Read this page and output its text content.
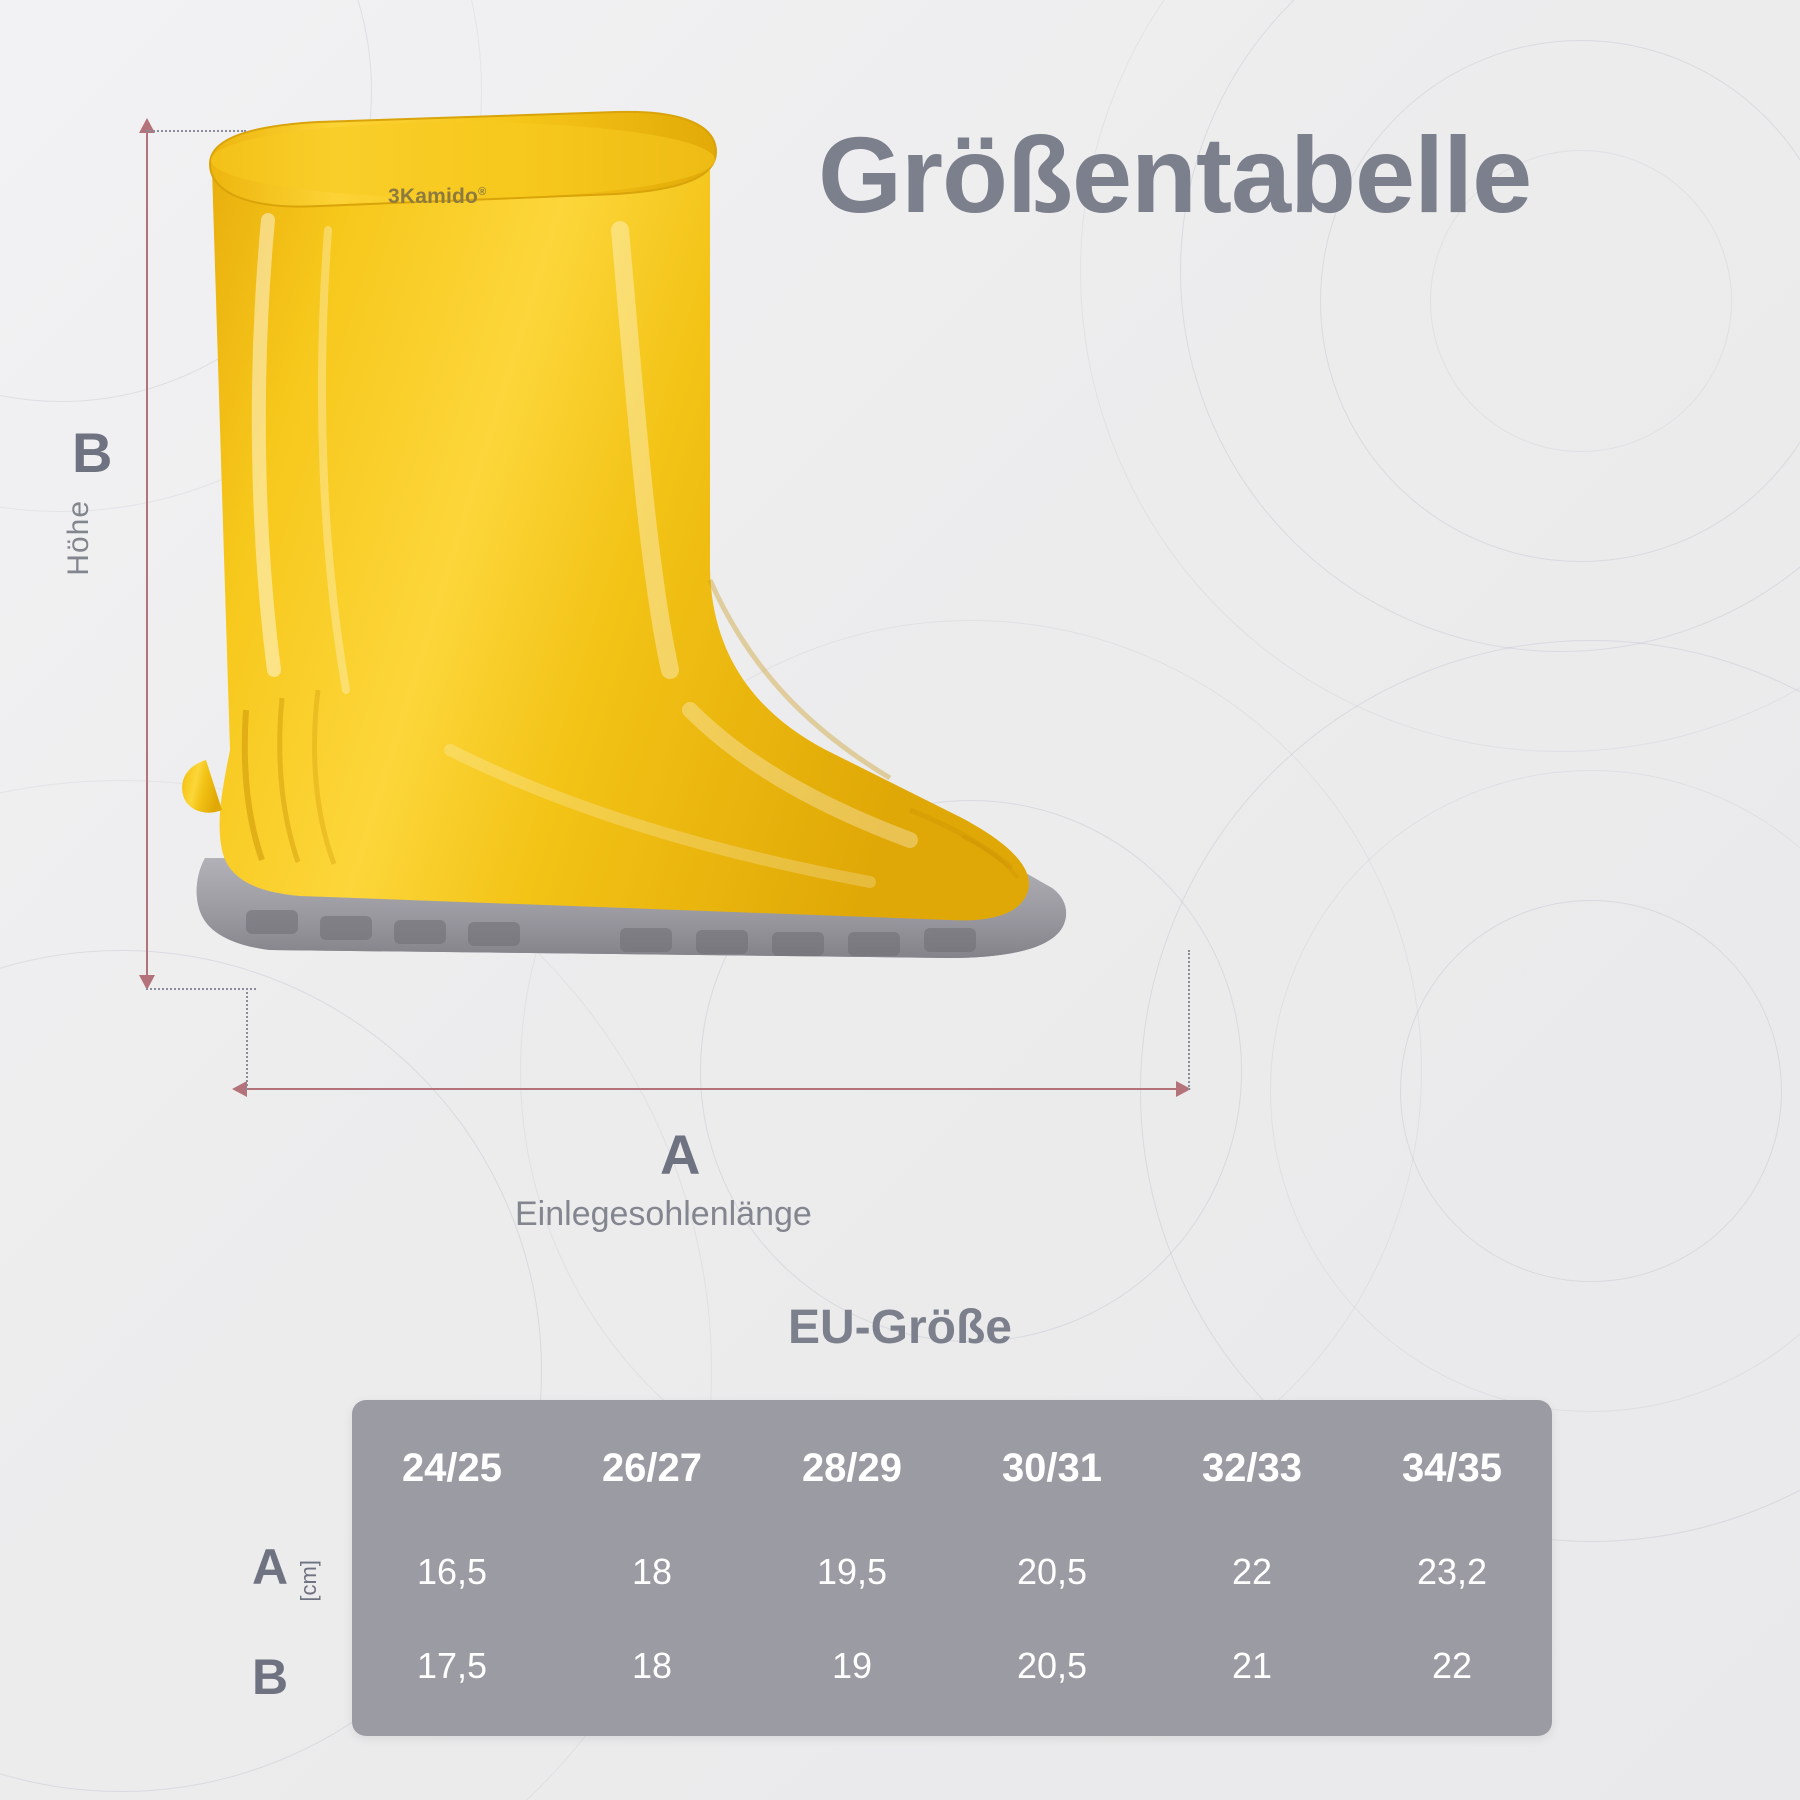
Größentabelle
3Kamido®
B
Höhe
A
Einlegesohlenlänge
EU-Größe
A
B
[cm]
24/25	26/27	28/29	30/31	32/33	34/35
16,5	18	19,5	20,5	22	23,2
17,5	18	19	20,5	21	22
